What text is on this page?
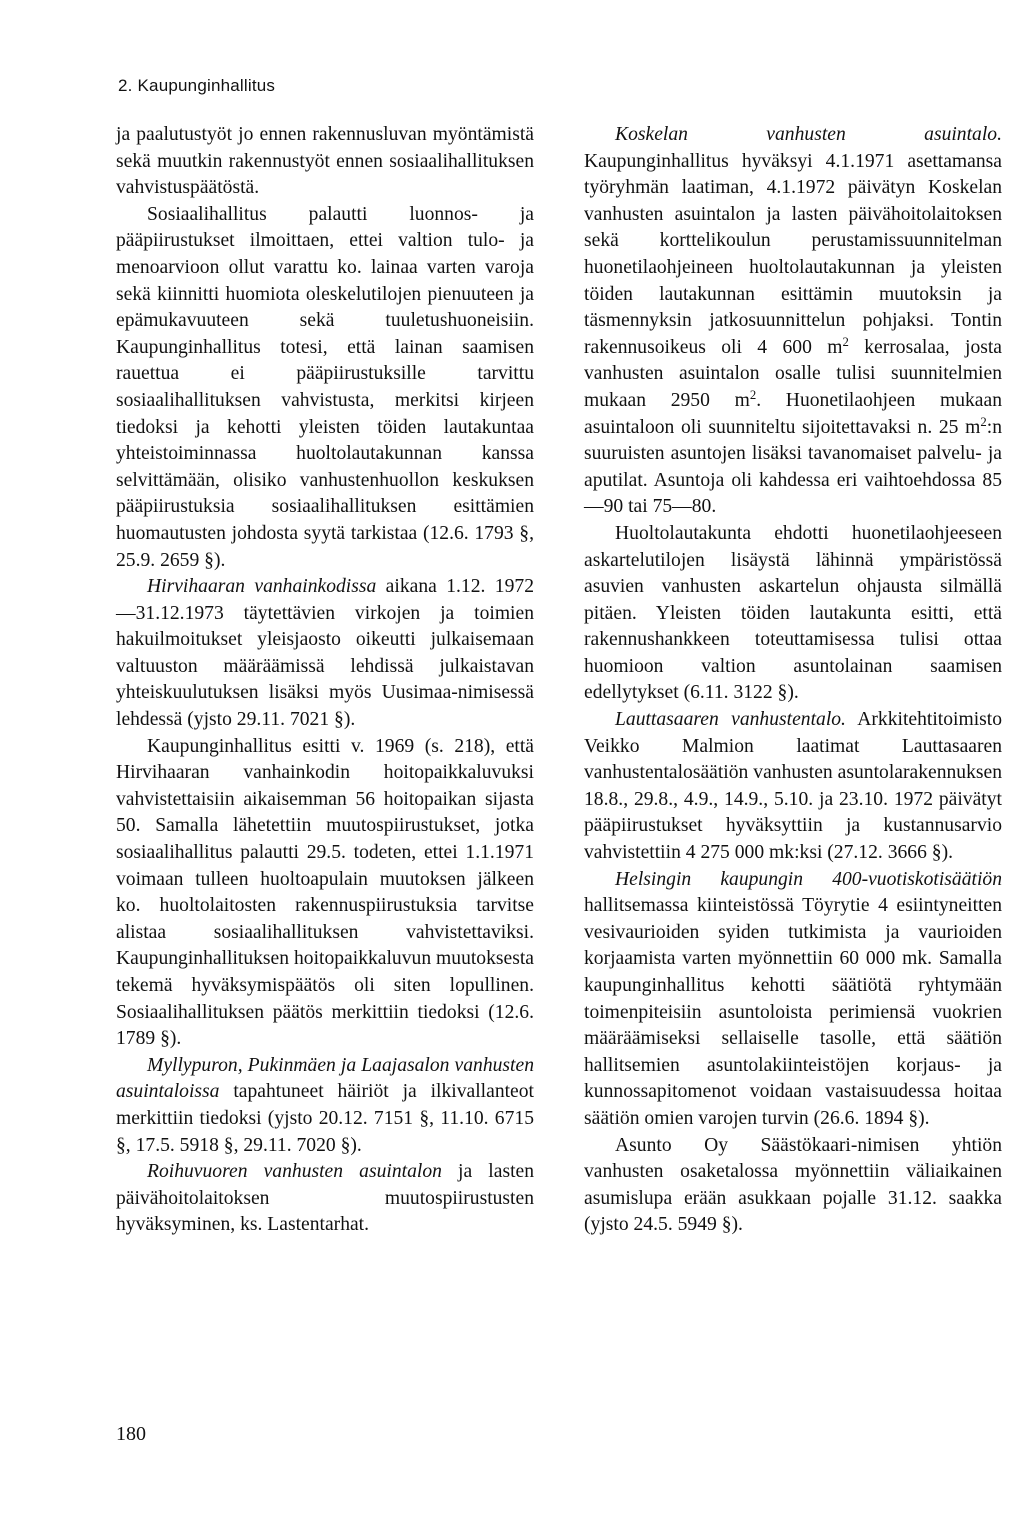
2. Kaupunginhallitus

ja paalutustyöt jo ennen rakennusluvan myöntämistä sekä muutkin rakennustyöt ennen sosiaalihallituksen vahvistuspäätöstä.

Sosiaalihallitus palautti luonnos- ja pääpiirustukset ilmoittaen, ettei valtion tulo- ja menoarvioon ollut varattu ko. lainaa varten varoja sekä kiinnitti huomiota oleskelutilojen pienuuteen ja epämukavuuteen sekä tuuletushuoneisiin. Kaupunginhallitus totesi, että lainan saamisen rauettua ei pääpiirustuksille tarvittu sosiaalihallituksen vahvistusta, merkitsi kirjeen tiedoksi ja kehotti yleisten töiden lautakuntaa yhteistoiminnassa huoltolautakunnan kanssa selvittämään, olisiko vanhustenhuollon keskuksen pääpiirustuksia sosiaalihallituksen esittämien huomautusten johdosta syytä tarkistaa (12.6. 1793 §, 25.9. 2659 §).

Hirvihaaran vanhainkodissa aikana 1.12. 1972—31.12.1973 täytettävien virkojen ja toimien hakuilmoitukset yleisjaosto oikeutti julkaisemaan valtuuston määräämissä lehdissä julkaistavan yhteiskuulutuksen lisäksi myös Uusimaa-nimisessä lehdessä (yjsto 29.11. 7021 §).

Kaupunginhallitus esitti v. 1969 (s. 218), että Hirvihaaran vanhainkodin hoitopaikkaluvuksi vahvistettaisiin aikaisemman 56 hoitopaikan sijasta 50. Samalla lähetettiin muutospiirustukset, jotka sosiaalihallitus palautti 29.5. todeten, ettei 1.1.1971 voimaan tulleen huoltoapulain muutoksen jälkeen ko. huoltolaitosten rakennuspiirustuksia tarvitse alistaa sosiaalihallituksen vahvistettaviksi. Kaupunginhallituksen hoitopaikkaluvun muutoksesta tekemä hyväksymispäätös oli siten lopullinen. Sosiaalihallituksen päätös merkittiin tiedoksi (12.6. 1789 §).

Myllypuron, Pukinmäen ja Laajasalon vanhusten asuintaloissa tapahtuneet häiriöt ja ilkivallanteot merkittiin tiedoksi (yjsto 20.12. 7151 §, 11.10. 6715 §, 17.5. 5918 §, 29.11. 7020 §).

Roihuvuoren vanhusten asuintalon ja lasten päivähoitolaitoksen muutospiirustusten hyväksyminen, ks. Lastentarhat.

Koskelan vanhusten asuintalo. Kaupunginhallitus hyväksyi 4.1.1971 asettamansa työryhmän laatiman, 4.1.1972 päivätyn Koskelan vanhusten asuintalon ja lasten päivähoitolaitoksen sekä korttelikoulun perustamissuunnitelman huonetilaohjeineen huoltolautakunnan ja yleisten töiden lautakunnan esittämin muutoksin ja täsmennyksin jatkosuunnittelun pohjaksi. Tontin rakennusoikeus oli 4 600 $m^2$ kerrosalaa, josta vanhusten asuintalon osalle tulisi suunnitelmien mukaan 2950 $m^2$. Huonetilaohjeen mukaan asuintaloon oli suunniteltu sijoitettavaksi n. 25 $m^2:n$ suuruisten asuntojen lisäksi tavanomaiset palvelu- ja aputilat. Asuntoja oli kahdessa eri vaihtoehdossa 85—90 tai 75—80.

Huoltolautakunta ehdotti huonetilaohjeeseen askartelutilojen lisäystä lähinnä ympäristössä asuvien vanhusten askartelun ohjausta silmällä pitäen. Yleisten töiden lautakunta esitti, että rakennushankkeen toteuttamisessa tulisi ottaa huomioon valtion asuntolainan saamisen edellytykset (6.11. 3122 §).

Lauttasaaren vanhustentalo. Arkkitehtitoimisto Veikko Malmion laatimat Lauttasaaren vanhustentalosäätiön vanhusten asuntolarakennuksen 18.8., 29.8., 4.9., 14.9., 5.10. ja 23.10. 1972 päivätyt pääpiirustukset hyväksyttiin ja kustannusarvio vahvistettiin 4 275 000 mk:ksi (27.12. 3666 §).

Helsingin kaupungin 400-vuotiskotisäätiön hallitsemassa kiinteistössä Töyrytie 4 esiintyneitten vesivaurioiden syiden tutkimista ja vaurioiden korjaamista varten myönnettiin 60 000 mk. Samalla kaupunginhallitus kehotti säätiötä ryhtymään toimenpiteisiin asuntoloista perimiensä vuokrien määräämiseksi sellaiselle tasolle, että säätiön hallitsemien asuntolakiinteistöjen korjaus- ja kunnossapitomenot voidaan vastaisuudessa hoitaa säätiön omien varojen turvin (26.6. 1894 §).

Asunto Oy Säästökaari-nimisen yhtiön vanhusten osaketalossa myönnettiin väliaikainen asumislupa erään asukkaan pojalle 31.12. saakka (yjsto 24.5. 5949 §).

180
